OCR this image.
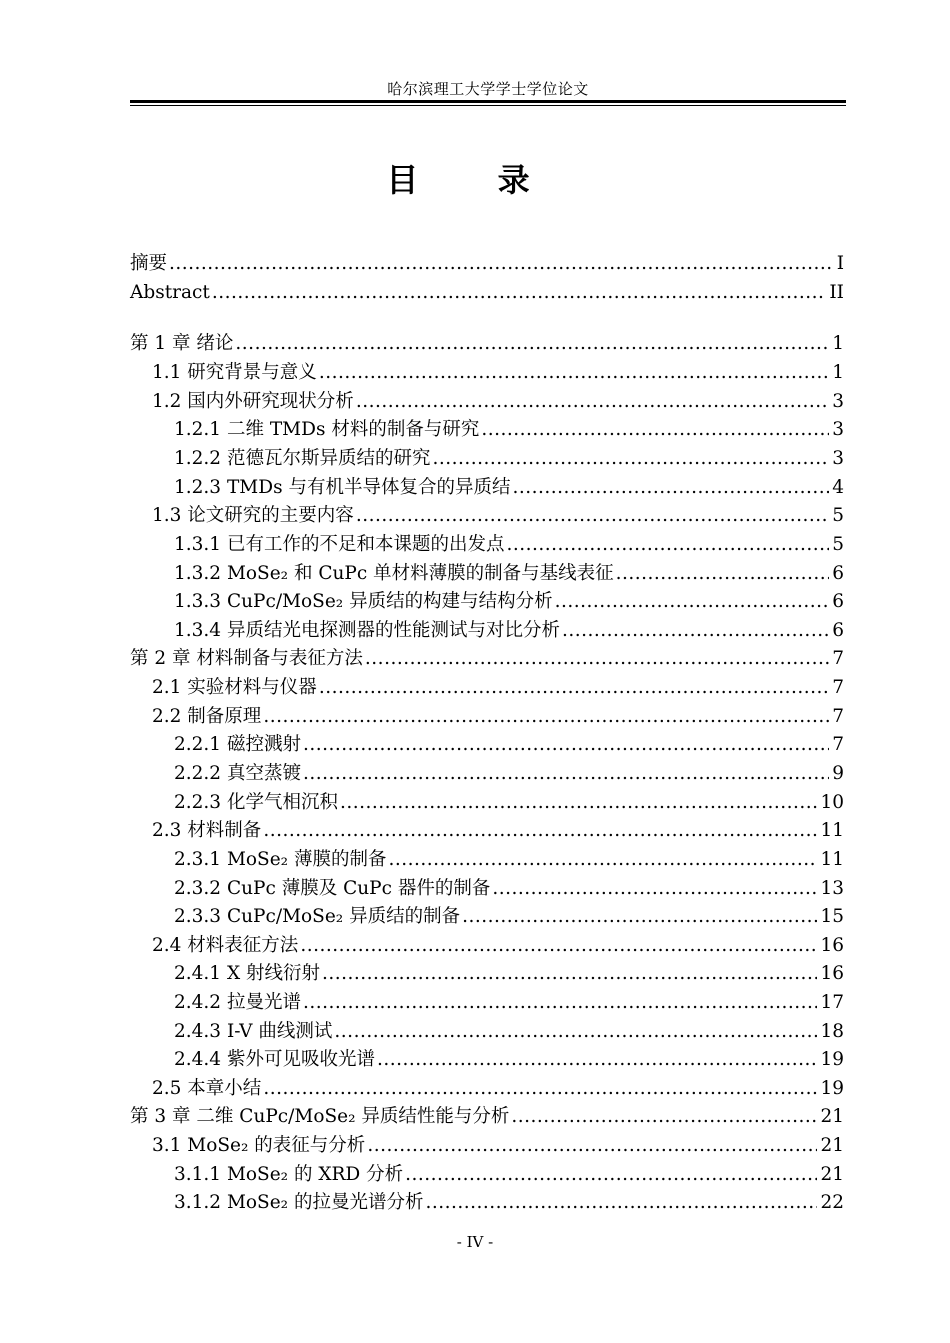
哈尔滨理工大学学士学位论文
目 录
摘要 .....	I
Abstract .....	II
第 1 章 绪论 .....	1
1.1 研究背景与意义 .....	1
1.2 国内外研究现状分析 .....	3
1.2.1 二维 TMDs 材料的制备与研究 .....	3
1.2.2 范德瓦尔斯异质结的研究 .....	3
1.2.3 TMDs 与有机半导体复合的异质结 .....	4
1.3 论文研究的主要内容 .....	5
1.3.1 已有工作的不足和本课题的出发点 .....	5
1.3.2 MoSe₂ 和 CuPc 单材料薄膜的制备与基线表征 .....	6
1.3.3 CuPc/MoSe₂ 异质结的构建与结构分析 .....	6
1.3.4 异质结光电探测器的性能测试与对比分析 .....	6
第 2 章 材料制备与表征方法 .....	7
2.1 实验材料与仪器 .....	7
2.2 制备原理 .....	7
2.2.1 磁控溅射 .....	7
2.2.2 真空蒸镀 .....	9
2.2.3 化学气相沉积 .....	10
2.3 材料制备 .....	11
2.3.1 MoSe₂ 薄膜的制备 .....	11
2.3.2 CuPc 薄膜及 CuPc 器件的制备 .....	13
2.3.3 CuPc/MoSe₂ 异质结的制备 .....	15
2.4 材料表征方法 .....	16
2.4.1 X 射线衍射 .....	16
2.4.2 拉曼光谱 .....	17
2.4.3 I-V 曲线测试 .....	18
2.4.4 紫外可见吸收光谱 .....	19
2.5 本章小结 .....	19
第 3 章 二维 CuPc/MoSe₂ 异质结性能与分析 .....	21
3.1 MoSe₂ 的表征与分析 .....	21
3.1.1 MoSe₂ 的 XRD 分析 .....	21
3.1.2 MoSe₂ 的拉曼光谱分析 .....	22
- IV -
